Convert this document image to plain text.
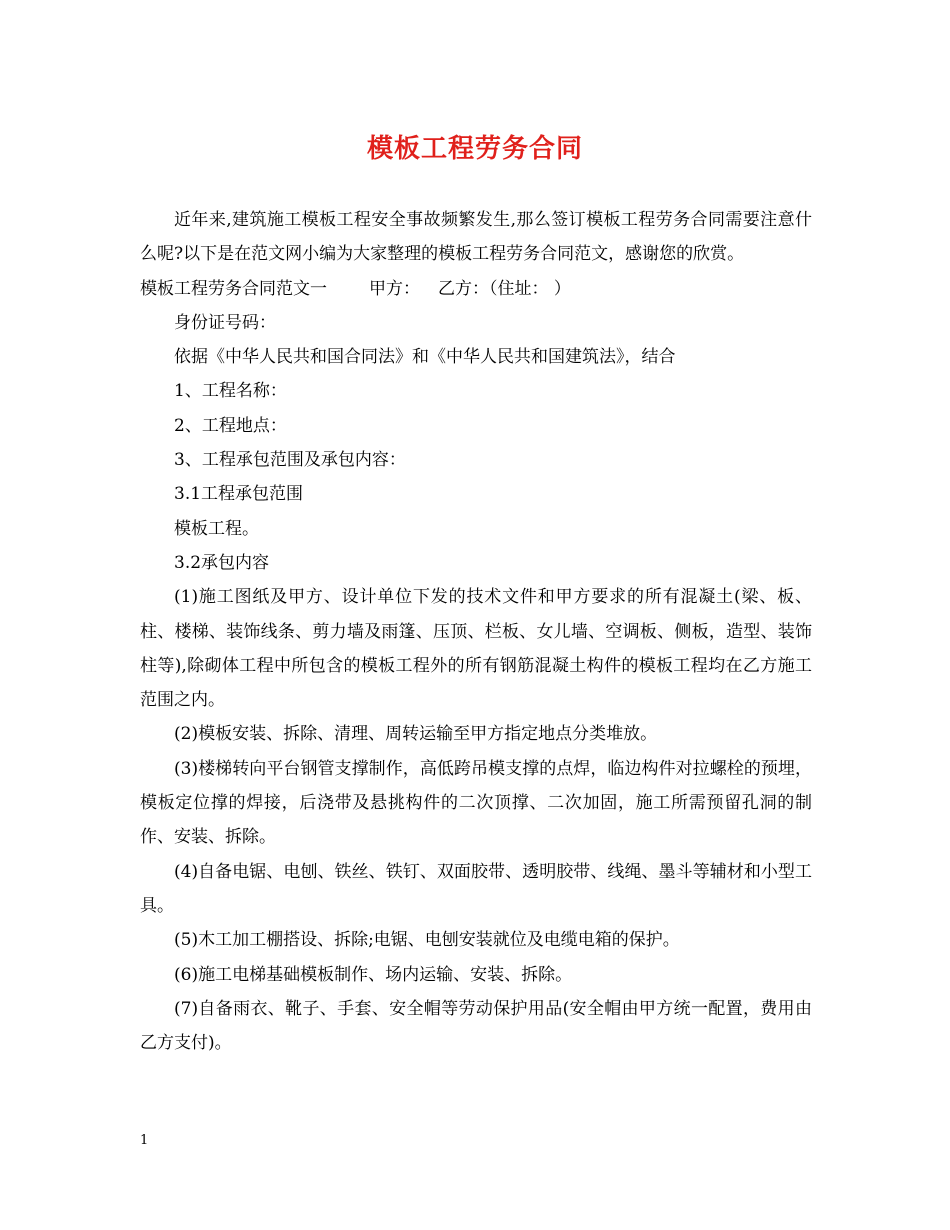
模板工程劳务合同

近年来,建筑施工模板工程安全事故频繁发生,那么签订模板工程劳务合同需要注意什么呢?以下是在范文网小编为大家整理的模板工程劳务合同范文，感谢您的欣赏。

模板工程劳务合同范文一 甲方： 乙方：（住址： ）

身份证号码：

依据《中华人民共和国合同法》和《中华人民共和国建筑法》，结合

1、工程名称：

2、工程地点：

3、工程承包范围及承包内容：

3.1工程承包范围

模板工程。

3.2承包内容

(1)施工图纸及甲方、设计单位下发的技术文件和甲方要求的所有混凝土(梁、板、柱、楼梯、装饰线条、剪力墙及雨篷、压顶、栏板、女儿墙、空调板、侧板，造型、装饰柱等),除砌体工程中所包含的模板工程外的所有钢筋混凝土构件的模板工程均在乙方施工范围之内。

(2)模板安装、拆除、清理、周转运输至甲方指定地点分类堆放。

(3)楼梯转向平台钢管支撑制作，高低跨吊模支撑的点焊，临边构件对拉螺栓的预埋，模板定位撑的焊接，后浇带及悬挑构件的二次顶撑、二次加固，施工所需预留孔洞的制作、安装、拆除。

(4)自备电锯、电刨、铁丝、铁钉、双面胶带、透明胶带、线绳、墨斗等辅材和小型工具。

(5)木工加工棚搭设、拆除;电锯、电刨安装就位及电缆电箱的保护。

(6)施工电梯基础模板制作、场内运输、安装、拆除。

(7)自备雨衣、靴子、手套、安全帽等劳动保护用品(安全帽由甲方统一配置，费用由乙方支付)。

1
